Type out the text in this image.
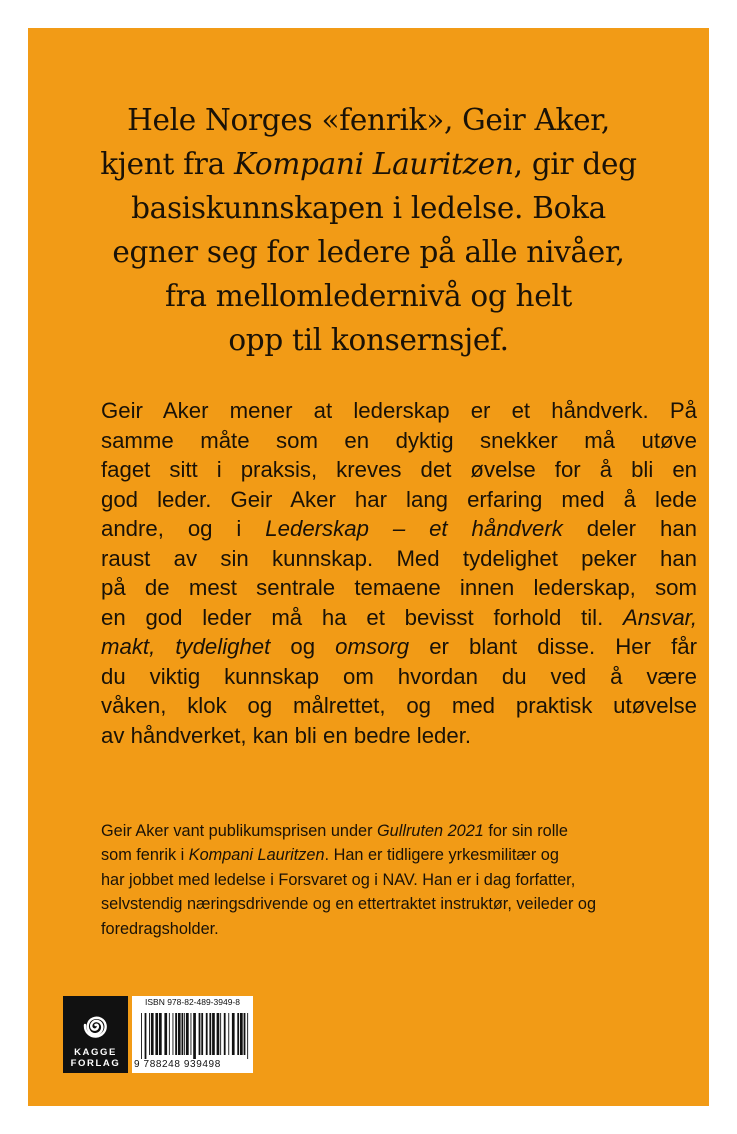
Hele Norges «fenrik», Geir Aker,
kjent fra Kompani Lauritzen, gir deg
basiskunnskapen i ledelse. Boka
egner seg for ledere på alle nivåer,
fra mellomledernivå og helt
opp til konsernsjef.
Geir Aker mener at lederskap er et håndverk. På
samme måte som en dyktig snekker må utøve
faget sitt i praksis, kreves det øvelse for å bli en
god leder. Geir Aker har lang erfaring med å lede
andre, og i Lederskap – et håndverk deler han
raust av sin kunnskap. Med tydelighet peker han
på de mest sentrale temaene innen lederskap, som
en god leder må ha et bevisst forhold til. Ansvar,
makt, tydelighet og omsorg er blant disse. Her får
du viktig kunnskap om hvordan du ved å være
våken, klok og målrettet, og med praktisk utøvelse
av håndverket, kan bli en bedre leder.
Geir Aker vant publikumsprisen under Gullruten 2021 for sin rolle
som fenrik i Kompani Lauritzen. Han er tidligere yrkesmilitær og
har jobbet med ledelse i Forsvaret og i NAV. Han er i dag forfatter,
selvstendig næringsdrivende og en ettertraktet instruktør, veileder og
foredragsholder.
KAGGE
FORLAG
ISBN 978-82-489-3949-8
9 788248 939498
